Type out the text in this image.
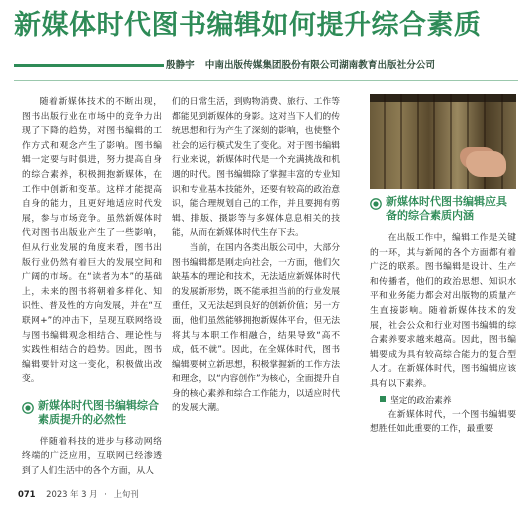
新媒体时代图书编辑如何提升综合素质
殷静宇 中南出版传媒集团股份有限公司湖南教育出版社分公司

随着新媒体技术的不断出现，图书出版行业在市场中的竞争力出现了下降的趋势，对图书编辑的工作方式和观念产生了影响。图书编辑一定要与时俱进，努力提高自身的综合素养，积极拥抱新媒体，在工作中创新和变革。这样才能提高自身的能力，且更好地适应时代发展，参与市场竞争。虽然新媒体时代对图书出版业产生了一些影响，但从行业发展的角度来看，图书出版行业仍然有着巨大的发展空间和广阔的市场。在“读者为本”的基础上，未来的图书将朝着多样化、知识性、普及性的方向发展，并在“互联网+”的冲击下，呈现互联网络设与图书编辑观念相结合、理论性与实践性相结合的趋势。因此，图书编辑要针对这一变化，积极做出改变。

新媒体时代图书编辑综合素质提升的必然性

伴随着科技的进步与移动网络终端的广泛应用，互联网已经渗透到了人们生活中的各个方面，从人

们的日常生活，到购物消费、旅行、工作等都能见到新媒体的身影。这对当下人们的传统思想和行为产生了深刻的影响，也使整个社会的运行模式发生了变化。对于图书编辑行业来说，新媒体时代是一个充满挑战和机遇的时代。图书编辑除了掌握丰富的专业知识和专业基本技能外，还要有较高的政治意识，能合理规划自己的工作，并且要拥有剪辑、排版、摄影等与多媒体息息相关的技能，从而在新媒体时代生存下去。

当前，在国内各类出版公司中，大部分图书编辑都是刚走向社会，一方面，他们欠缺基本的理论和技术，无法适应新媒体时代的发展新形势，既不能承担当前的行业发展重任，又无法起到良好的创新价值；另一方面，他们虽然能够拥抱新媒体平台，但无法将其与本职工作相融合，结果导致“高不成，低不就”。因此，在全媒体时代，图书编辑要树立新思想，积极掌握新的工作方法和理念，以“内容创作”为核心，全面提升自身的核心素养和综合工作能力，以适应时代的发展大潮。

新媒体时代图书编辑应具备的综合素质内涵

在出版工作中，编辑工作是关键的一环，其与新闻的各个方面都有着广泛的联系。图书编辑是设计、生产和传播者，他们的政治思想、知识水平和业务能力都会对出版物的质量产生直接影响。随着新媒体技术的发展，社会公众和行业对图书编辑的综合素养要求越来越高。因此，图书编辑要成为具有较高综合能力的复合型人才。在新媒体时代，图书编辑应该具有以下素养。

坚定的政治素养

在新媒体时代，一个图书编辑要想胜任如此重要的工作，最重要

071 2023 年 3 月 · 上旬刊
